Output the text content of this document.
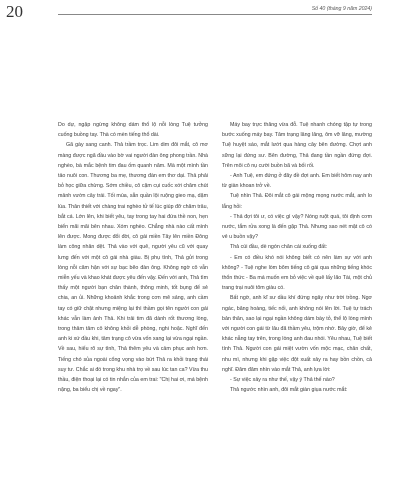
20	Số 40 (tháng 9 năm 2024)

Do dự, ngập ngừng không dám thổ lộ nỗi lòng Tuệ tưởng cuống buồng tay. Thà có mèn tiếng thổ dài.

Gã gày sang canh. Thả trầm trọc. Lim dim đôi mắt, cô mơ màng được ngã đầu vào bờ vai người đàn ông phong trần. Nhà nghèo, bà mắc bệnh tim đau ốm quanh năm. Mà một mình tần tảo nuôi con. Thương ba mẹ, thương đàn em thơ dại. Thả phải bỏ học giữa chừng. Sớm chiều, cô cặm cụi cuốc xới chăm chút mảnh vườn cây trái. Tối mùa, sẵn quần lội ruộng gieo mạ, dặm lúa. Thân thiết với chàng trai nghèo tử tế lúc giúp đỡ chăm trâu, bắt cá. Lớn lên, khi biết yêu, tay trong tay hai đứa thề non, hẹn biển mãi mãi bên nhau. Xóm nghèo. Chẳng nhà nào cất mình lên được. Mong được đổi đời, cô gái miền Tây lên miền Đông làm công nhân dệt. Thả vào với quê, người yêu cũ với quay lưng đến với một cô gái nhà giàu. Bị phụ tình, Thả gửi trong lòng nỗi căm hận với sự bạc bẽo đàn ông. Không ngờ cô vẫn miễn yếu và khao khát được yêu đến vậy. Đến với anh, Thả tìm thấy một người bạn chân thành, thông minh, tốt bụng để sẻ chia, an ủi. Những khoảnh khắc trong cơn mê sảng, anh cầm tay có giữ chặt nhưng miệng lại thì thầm gọi tên người con gái khác vẫn làm ảnh Thả. Khi trải tim đã dành rốt thương lòng, trong thâm tâm cô không khỏi dễ phòng, nghi hoặc. Nghĩ đến anh ki xứ đầu khi, tâm trạng cô vừa vốn xang lại vừa ngại ngần. Về sau, hiểu rõ sự tình, Thả thêm yêu và cảm phục anh hơn. Tiếng chó sủa ngoài cổng vọng vào bứt Thả ra khỏi trạng thái suy tư. Chắc ai đó trong khu nhà trọ về sau lúc tan ca? Vừa thu thầu, điện thoại lại có tin nhắn của em trai: "Chị hai ơi, má bệnh nặng, ba biểu chị về ngay".

Máy bay trực thăng vừa đỗ. Tuệ nhanh chóng tập tự trong bước xuống máy bay. Tâm trạng lâng lâng, ôm vỡ lâng, mường Tuệ huyệt sáo, mắt lướt qua hàng cây bên đường. Chợt anh sững lại đứng sư. Bên đường, Thả đang tần ngần đứng đợi. Trên môi cô nụ cười buồn bã và bối rối.

- Anh Tuệ, em đứng ở đây đề đợi anh. Em biết hôm nay anh từ giàn khoan trở về.

Tuệ nhìn Thả. Đôi mắt cô gái mộng mọng nước mắt, anh lo lắng hỏi:

- Thả đợi tôi ư, có việc gì vậy? Nóng ruột quá, tôi định cơm nước, tắm rửa xong là đến gặp Thả. Nhưng sao nét mặt cô có vẻ u buồn vậy?

Thả cúi đầu, dè ngón chân cái xuống đất:

- Em có điều khó nói không biết có nên làm sự với anh không? - Tuệ nghe lòm bõm tiếng cô gái qua những tiếng khóc thổn thức - Ba má muốn em bỏ việc về quê lấy lão Tài, một chủ trang trại nuôi tôm giàu có.

Bất ngờ, anh kĩ sư dầu khí đứng ngây như trời trồng. Ngơ ngác, băng hoàng, tiếc nối, anh không nói lên lời. Tuệ tự trách bản thân, sao lại ngại ngần không dám bày tỏ, thể lộ lòng mình với người con gái từ lâu đã thầm yêu, trộm nhớ. Bây giờ, để kẻ khác nẫng tay trên, trong lòng anh đau nhói. Yêu nhau, Tuệ biết tính Thả. Người con gái miệt vườn vốn mộc mạc, chân chất, nhu mì, nhưng khi gặp việc đột xuất xảy ra hay bồn chồn, cả nghĩ. Đăm đăm nhìn vào mắt Thả, anh lựa lời:

- Sự việc xảy ra như thế, vậy ý Thả thế nào?

Thả ngước nhìn anh, đôi mắt giàn giụa nước mắt:
